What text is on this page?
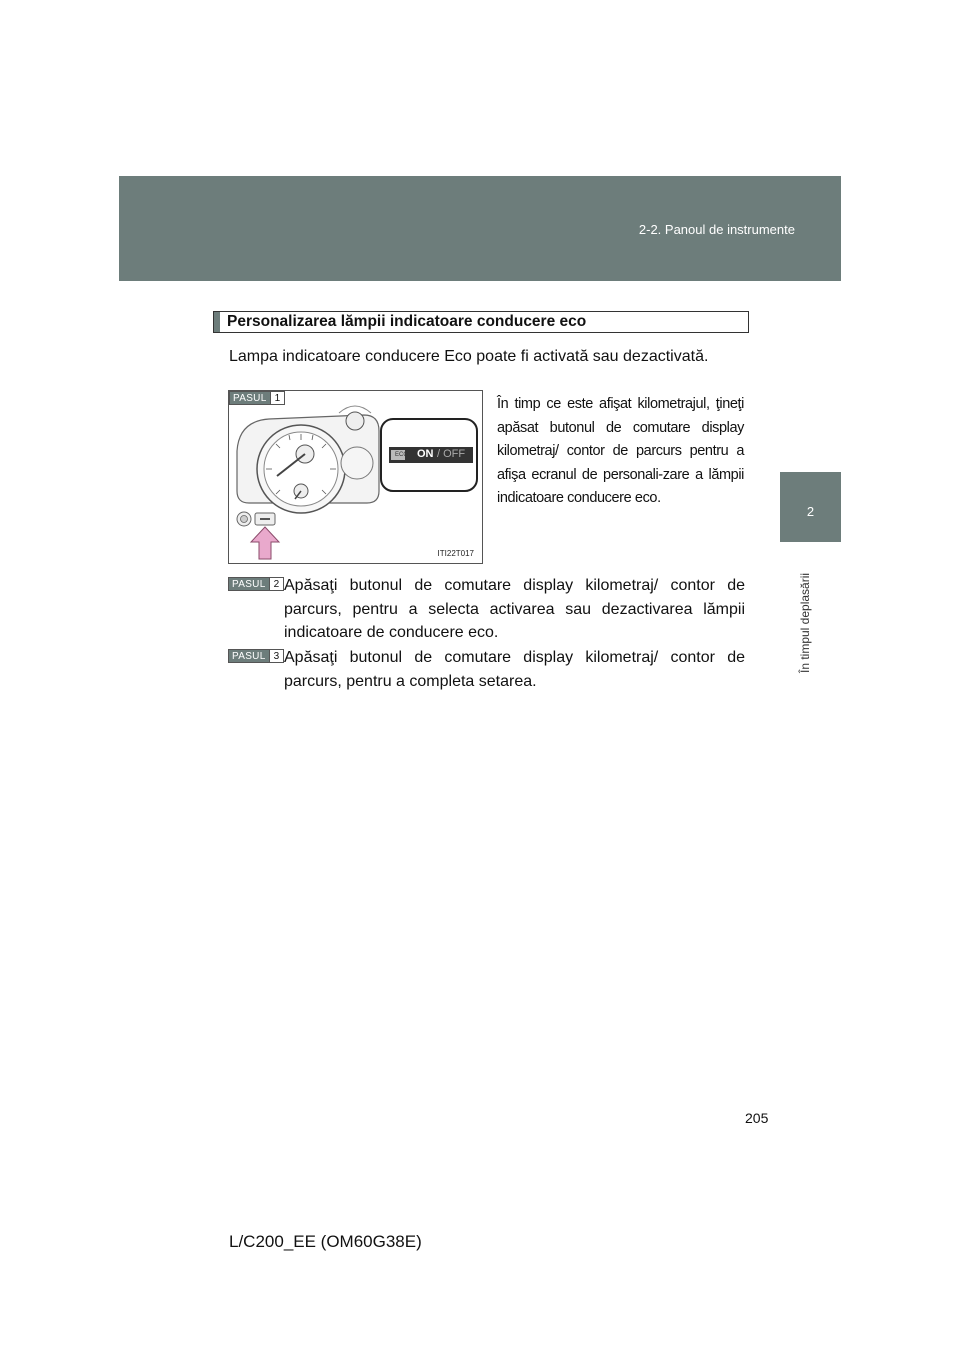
2-2. Panoul de instrumente
2
În timpul deplasării
Personalizarea lămpii indicatoare conducere eco
Lampa indicatoare conducere Eco poate fi activată sau dezactivată.
ECO ON / OFF
PASUL 1
ITI22T017
În timp ce este afişat kilometrajul, ţineţi apăsat butonul de comutare display kilometraj/ contor de parcurs pentru a afişa ecranul de personali-zare a lămpii indicatoare conducere eco.
PASUL 2 Apăsaţi butonul de comutare display kilometraj/ contor de parcurs, pentru a selecta activarea sau dezactivarea lămpii indicatoare de conducere eco.
PASUL 3 Apăsaţi butonul de comutare display kilometraj/ contor de parcurs, pentru a completa setarea.
205
L/C200_EE (OM60G38E)
